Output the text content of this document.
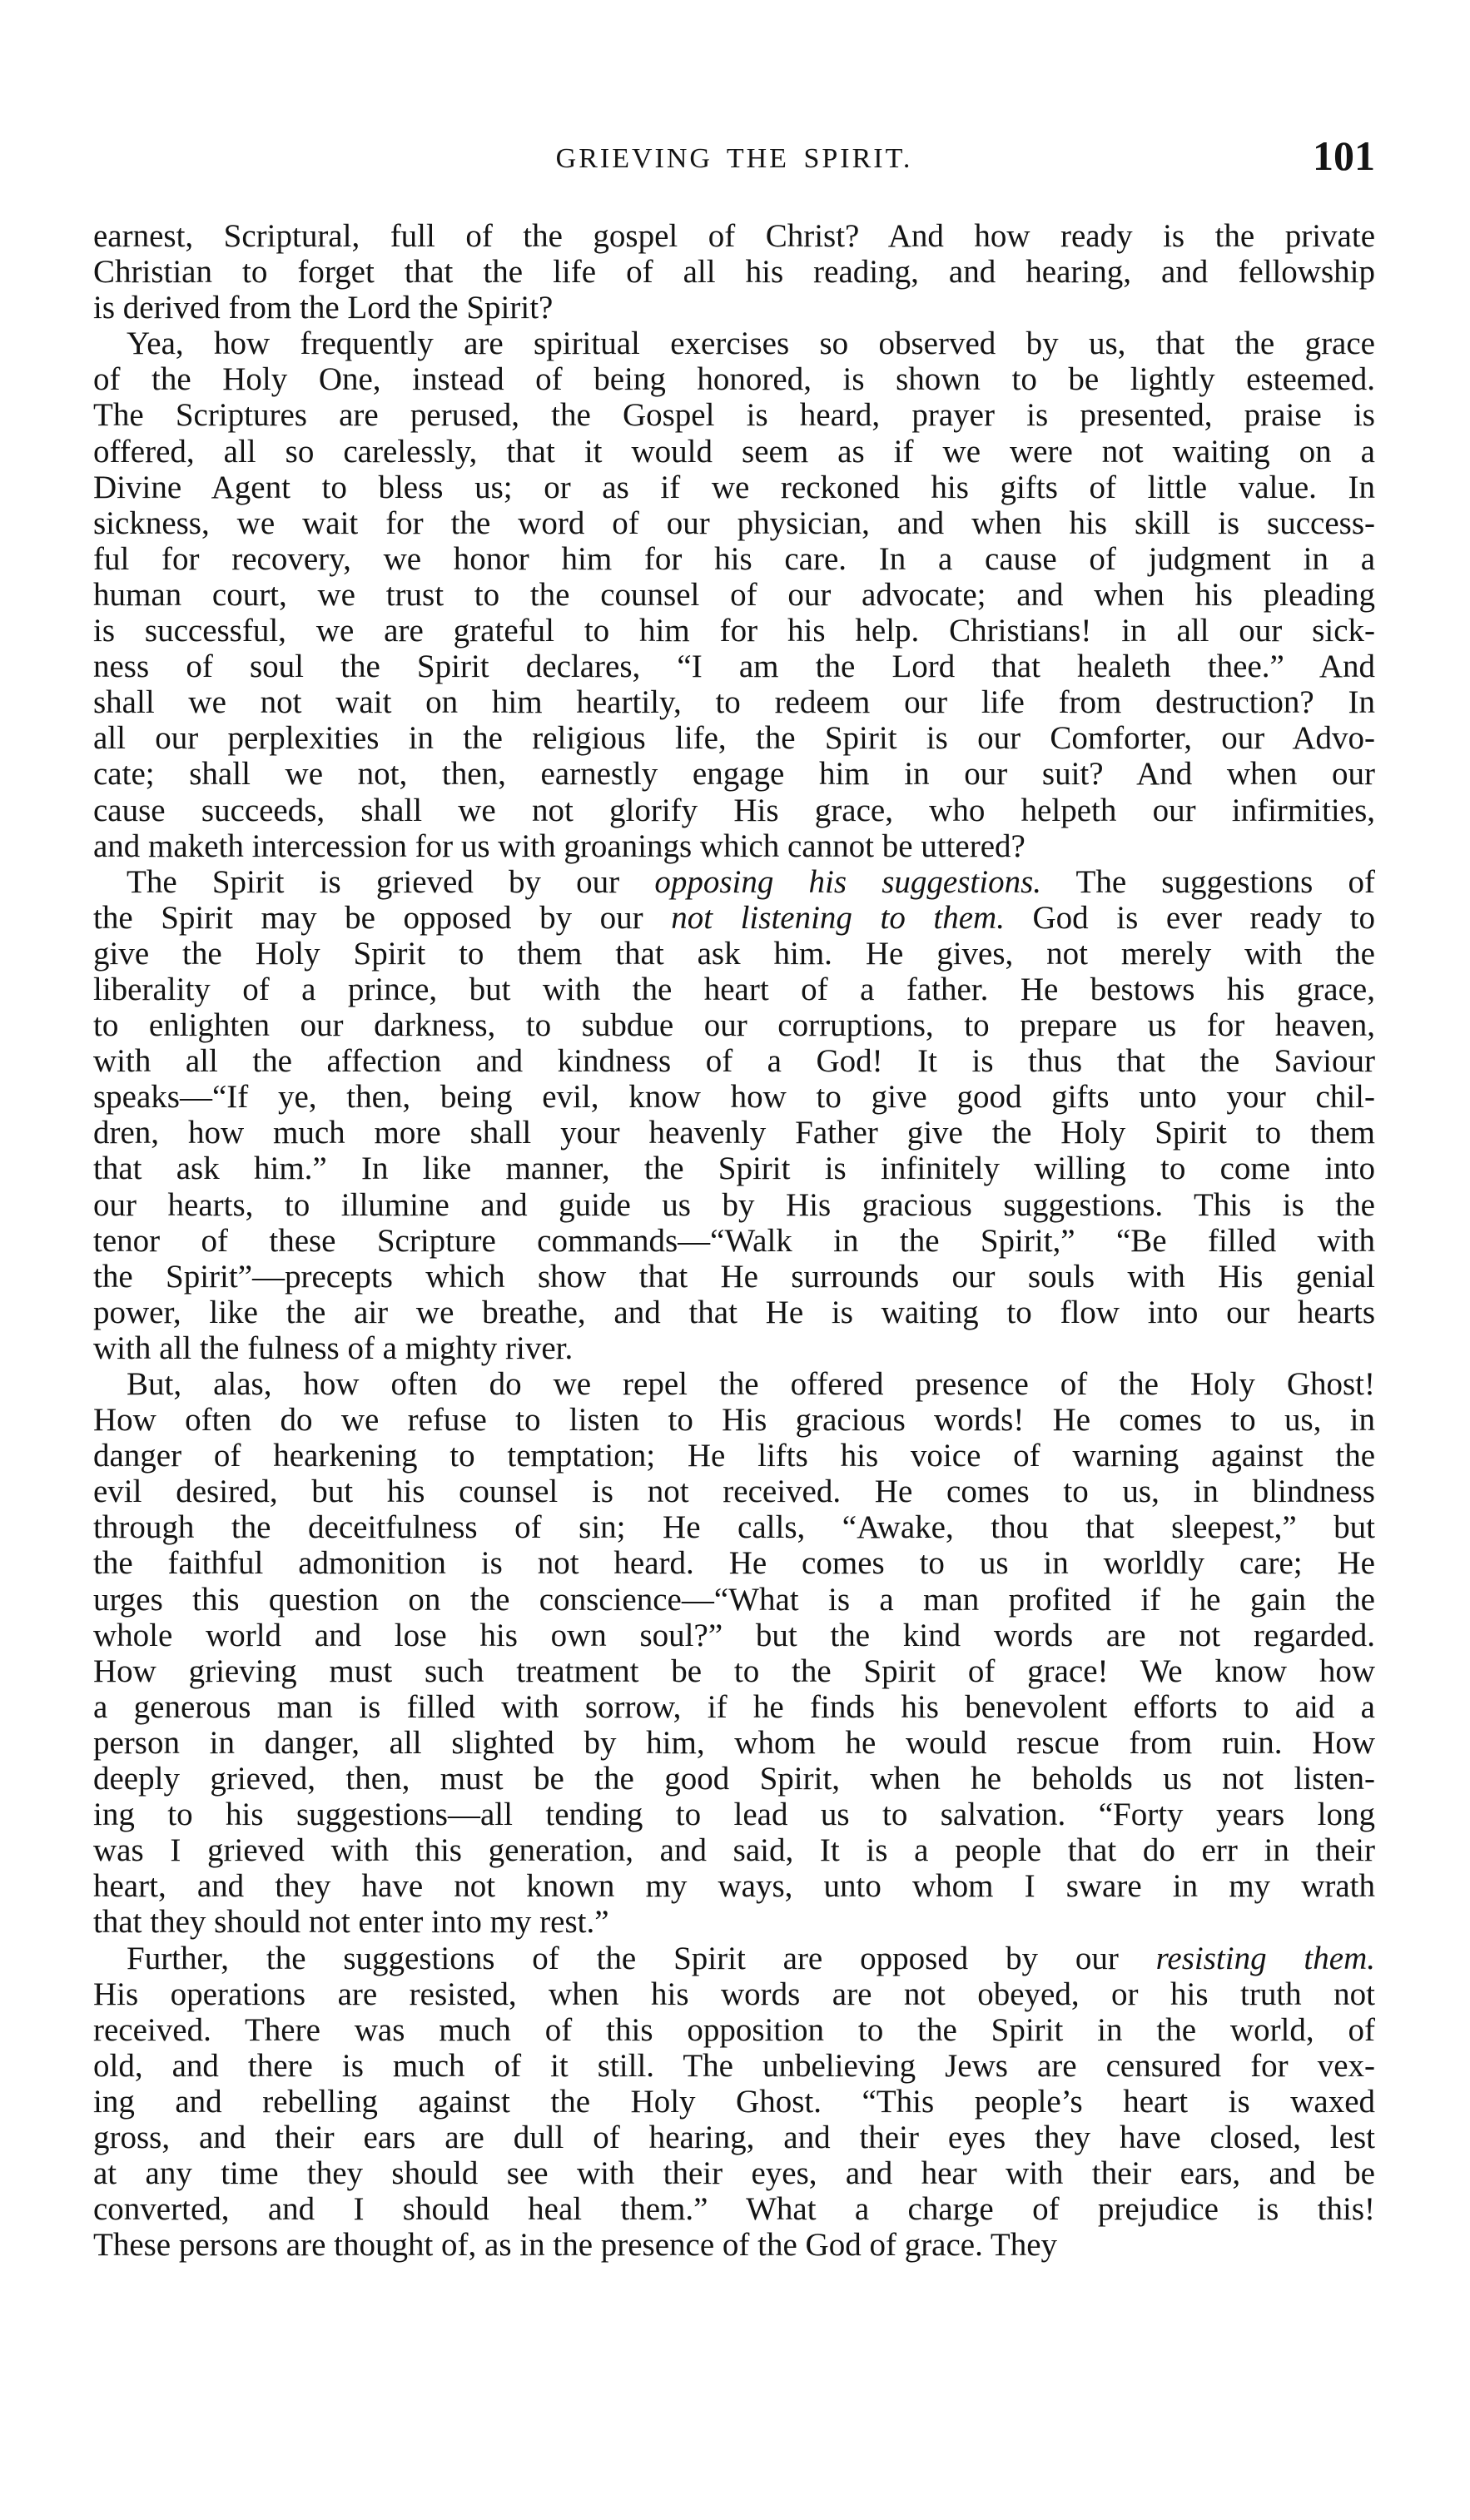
GRIEVING THE SPIRIT.	101

earnest, Scriptural, full of the gospel of Christ? And how ready is the private

Christian to forget that the life of all his reading, and hearing, and fellowship

is derived from the Lord the Spirit?

Yea, how frequently are spiritual exercises so observed by us, that the grace

of the Holy One, instead of being honored, is shown to be lightly esteemed.

The Scriptures are perused, the Gospel is heard, prayer is presented, praise is

offered, all so carelessly, that it would seem as if we were not waiting on a

Divine Agent to bless us; or as if we reckoned his gifts of little value. In

sickness, we wait for the word of our physician, and when his skill is success-

ful for recovery, we honor him for his care. In a cause of judgment in a

human court, we trust to the counsel of our advocate; and when his pleading

is successful, we are grateful to him for his help. Christians! in all our sick-

ness of soul the Spirit declares, “I am the Lord that healeth thee.” And

shall we not wait on him heartily, to redeem our life from destruction? In

all our perplexities in the religious life, the Spirit is our Comforter, our Advo-

cate; shall we not, then, earnestly engage him in our suit? And when our

cause succeeds, shall we not glorify His grace, who helpeth our infirmities,

and maketh intercession for us with groanings which cannot be uttered?

The Spirit is grieved by our opposing his suggestions. The suggestions of

the Spirit may be opposed by our not listening to them. God is ever ready to

give the Holy Spirit to them that ask him. He gives, not merely with the

liberality of a prince, but with the heart of a father. He bestows his grace,

to enlighten our darkness, to subdue our corruptions, to prepare us for heaven,

with all the affection and kindness of a God! It is thus that the Saviour

speaks—“If ye, then, being evil, know how to give good gifts unto your chil-

dren, how much more shall your heavenly Father give the Holy Spirit to them

that ask him.” In like manner, the Spirit is infinitely willing to come into

our hearts, to illumine and guide us by His gracious suggestions. This is the

tenor of these Scripture commands—“Walk in the Spirit,” “Be filled with

the Spirit”—precepts which show that He surrounds our souls with His genial

power, like the air we breathe, and that He is waiting to flow into our hearts

with all the fulness of a mighty river.

But, alas, how often do we repel the offered presence of the Holy Ghost!

How often do we refuse to listen to His gracious words! He comes to us, in

danger of hearkening to temptation; He lifts his voice of warning against the

evil desired, but his counsel is not received. He comes to us, in blindness

through the deceitfulness of sin; He calls, “Awake, thou that sleepest,” but

the faithful admonition is not heard. He comes to us in worldly care; He

urges this question on the conscience—“What is a man profited if he gain the

whole world and lose his own soul?” but the kind words are not regarded.

How grieving must such treatment be to the Spirit of grace! We know how

a generous man is filled with sorrow, if he finds his benevolent efforts to aid a

person in danger, all slighted by him, whom he would rescue from ruin. How

deeply grieved, then, must be the good Spirit, when he beholds us not listen-

ing to his suggestions—all tending to lead us to salvation. “Forty years long

was I grieved with this generation, and said, It is a people that do err in their

heart, and they have not known my ways, unto whom I sware in my wrath

that they should not enter into my rest.”

Further, the suggestions of the Spirit are opposed by our resisting them.

His operations are resisted, when his words are not obeyed, or his truth not

received. There was much of this opposition to the Spirit in the world, of

old, and there is much of it still. The unbelieving Jews are censured for vex-

ing and rebelling against the Holy Ghost. “This people’s heart is waxed

gross, and their ears are dull of hearing, and their eyes they have closed, lest

at any time they should see with their eyes, and hear with their ears, and be

converted, and I should heal them.” What a charge of prejudice is this!

These persons are thought of, as in the presence of the God of grace. They
